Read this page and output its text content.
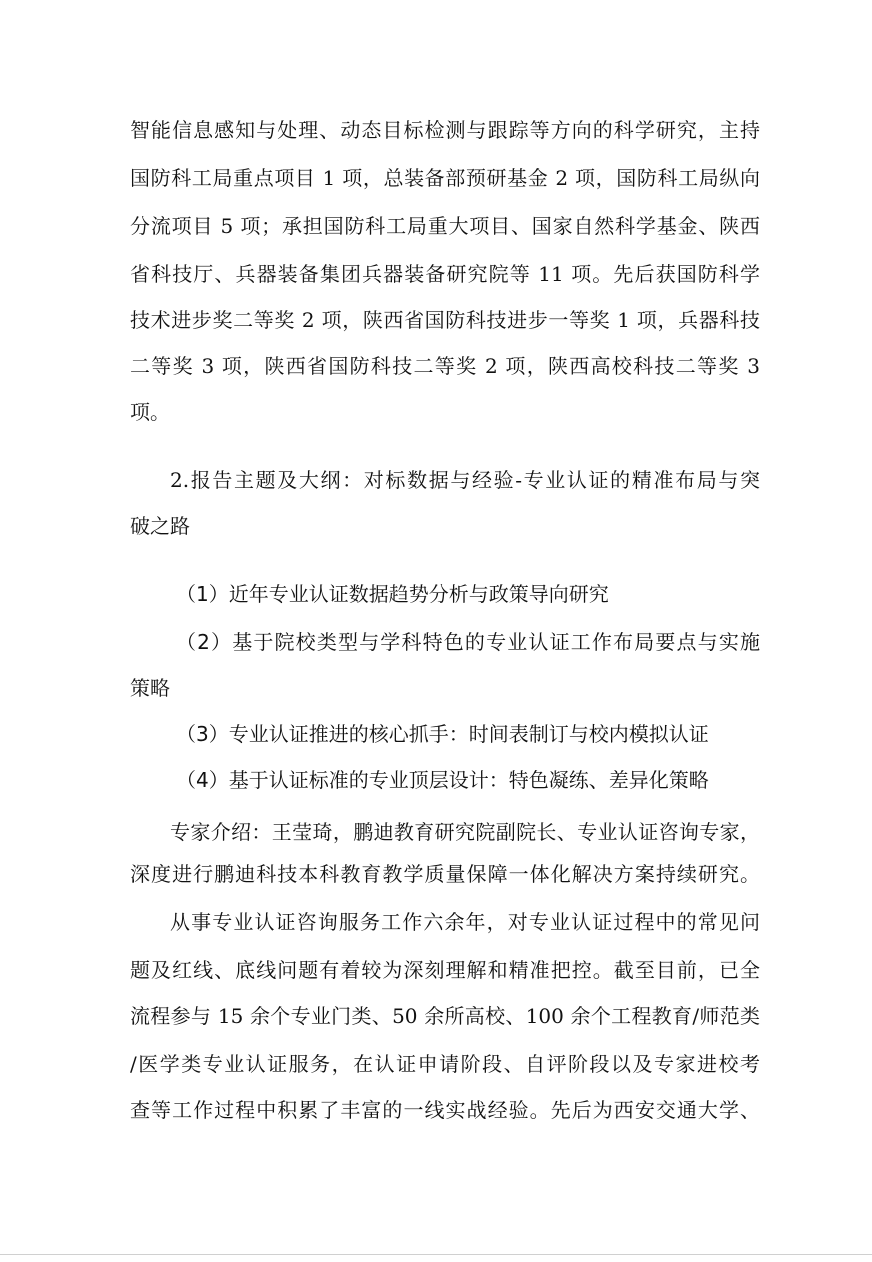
智能信息感知与处理、动态目标检测与跟踪等方向的科学研究，主持
国防科工局重点项目 1 项，总装备部预研基金 2 项，国防科工局纵向
分流项目 5 项；承担国防科工局重大项目、国家自然科学基金、陕西
省科技厅、兵器装备集团兵器装备研究院等 11 项。先后获国防科学
技术进步奖二等奖 2 项，陕西省国防科技进步一等奖 1 项，兵器科技
二等奖 3 项，陕西省国防科技二等奖 2 项，陕西高校科技二等奖 3
项。
2.报告主题及大纲：对标数据与经验-专业认证的精准布局与突
破之路
（1）近年专业认证数据趋势分析与政策导向研究
（2）基于院校类型与学科特色的专业认证工作布局要点与实施
策略
（3）专业认证推进的核心抓手：时间表制订与校内模拟认证
（4）基于认证标准的专业顶层设计：特色凝练、差异化策略
专家介绍：王莹琦，鹏迪教育研究院副院长、专业认证咨询专家，
深度进行鹏迪科技本科教育教学质量保障一体化解决方案持续研究。
从事专业认证咨询服务工作六余年，对专业认证过程中的常见问
题及红线、底线问题有着较为深刻理解和精准把控。截至目前，已全
流程参与 15 余个专业门类、50 余所高校、100 余个工程教育/师范类
/医学类专业认证服务，在认证申请阶段、自评阶段以及专家进校考
查等工作过程中积累了丰富的一线实战经验。先后为西安交通大学、
